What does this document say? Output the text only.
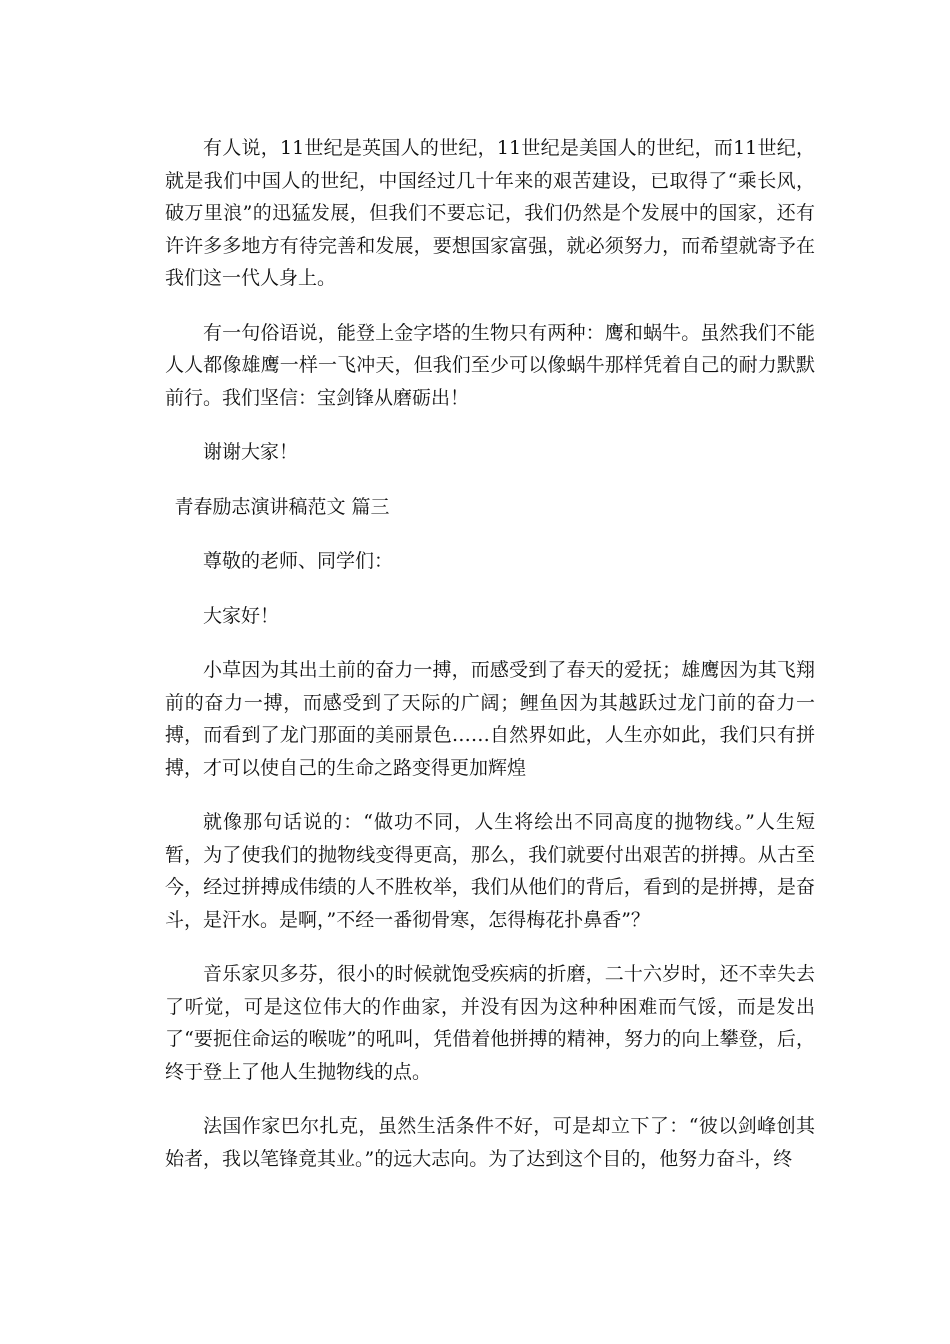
有人说，11世纪是英国人的世纪，11世纪是美国人的世纪，而11世纪，就是我们中国人的世纪，中国经过几十年来的艰苦建设，已取得了“乘长风，破万里浪”的迅猛发展，但我们不要忘记，我们仍然是个发展中的国家，还有许许多多地方有待完善和发展，要想国家富强，就必须努力，而希望就寄予在我们这一代人身上。

有一句俗语说，能登上金字塔的生物只有两种：鹰和蜗牛。虽然我们不能人人都像雄鹰一样一飞冲天，但我们至少可以像蜗牛那样凭着自己的耐力默默前行。我们坚信：宝剑锋从磨砺出！

谢谢大家！

青春励志演讲稿范文 篇三

尊敬的老师、同学们：

大家好！

小草因为其出土前的奋力一搏，而感受到了春天的爱抚；雄鹰因为其飞翔前的奋力一搏，而感受到了天际的广阔；鲤鱼因为其越跃过龙门前的奋力一搏，而看到了龙门那面的美丽景色……自然界如此，人生亦如此，我们只有拼搏，才可以使自己的生命之路变得更加辉煌

就像那句话说的：“做功不同，人生将绘出不同高度的抛物线。”人生短暂，为了使我们的抛物线变得更高，那么，我们就要付出艰苦的拼搏。从古至今，经过拼搏成伟绩的人不胜枚举，我们从他们的背后，看到的是拼搏，是奋斗，是汗水。是啊，”不经一番彻骨寒，怎得梅花扑鼻香”？

音乐家贝多芬，很小的时候就饱受疾病的折磨，二十六岁时，还不幸失去了听觉，可是这位伟大的作曲家，并没有因为这种种困难而气馁，而是发出了“要扼住命运的喉咙”的吼叫，凭借着他拼搏的精神，努力的向上攀登，后，终于登上了他人生抛物线的点。

法国作家巴尔扎克，虽然生活条件不好，可是却立下了：“彼以剑峰创其始者，我以笔锋竟其业。”的远大志向。为了达到这个目的，他努力奋斗，终
